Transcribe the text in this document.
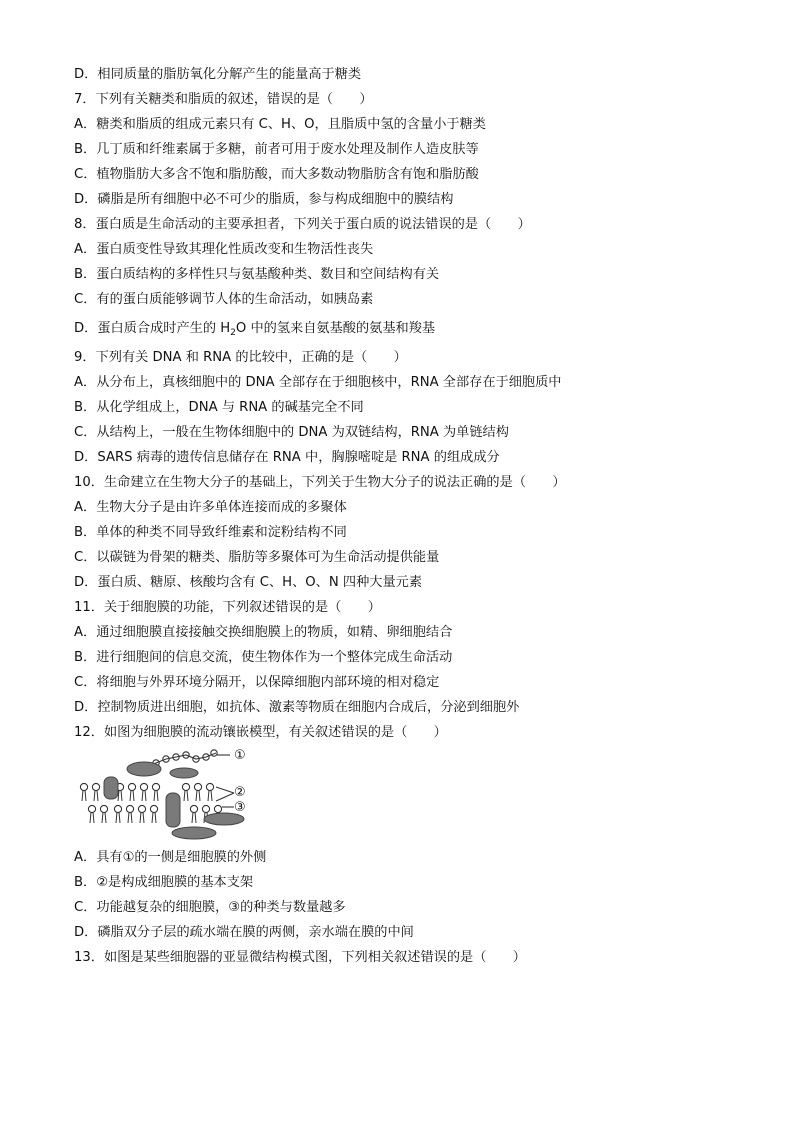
D．相同质量的脂肪氧化分解产生的能量高于糖类
7．下列有关糖类和脂质的叙述，错误的是（　　）
A．糖类和脂质的组成元素只有 C、H、O，且脂质中氢的含量小于糖类
B．几丁质和纤维素属于多糖，前者可用于废水处理及制作人造皮肤等
C．植物脂肪大多含不饱和脂肪酸，而大多数动物脂肪含有饱和脂肪酸
D．磷脂是所有细胞中必不可少的脂质，参与构成细胞中的膜结构
8．蛋白质是生命活动的主要承担者，下列关于蛋白质的说法错误的是（　　）
A．蛋白质变性导致其理化性质改变和生物活性丧失
B．蛋白质结构的多样性只与氨基酸种类、数目和空间结构有关
C．有的蛋白质能够调节人体的生命活动，如胰岛素
D．蛋白质合成时产生的 $H_2O$ 中的氢来自氨基酸的氨基和羧基
9．下列有关 DNA 和 RNA 的比较中，正确的是（　　）
A．从分布上，真核细胞中的 DNA 全部存在于细胞核中，RNA 全部存在于细胞质中
B．从化学组成上，DNA 与 RNA 的碱基完全不同
C．从结构上，一般在生物体细胞中的 DNA 为双链结构，RNA 为单链结构
D．SARS 病毒的遗传信息储存在 RNA 中，胸腺嘧啶是 RNA 的组成成分
10．生命建立在生物大分子的基础上，下列关于生物大分子的说法正确的是（　　）
A．生物大分子是由许多单体连接而成的多聚体
B．单体的种类不同导致纤维素和淀粉结构不同
C．以碳链为骨架的糖类、脂肪等多聚体可为生命活动提供能量
D．蛋白质、糖原、核酸均含有 C、H、O、N 四种大量元素
11．关于细胞膜的功能，下列叙述错误的是（　　）
A．通过细胞膜直接接触交换细胞膜上的物质，如精、卵细胞结合
B．进行细胞间的信息交流，使生物体作为一个整体完成生命活动
C．将细胞与外界环境分隔开，以保障细胞内部环境的相对稳定
D．控制物质进出细胞，如抗体、激素等物质在细胞内合成后，分泌到细胞外
12．如图为细胞膜的流动镶嵌模型，有关叙述错误的是（　　）
①
②
③
A．具有①的一侧是细胞膜的外侧
B．②是构成细胞膜的基本支架
C．功能越复杂的细胞膜，③的种类与数量越多
D．磷脂双分子层的疏水端在膜的两侧，亲水端在膜的中间
13．如图是某些细胞器的亚显微结构模式图，下列相关叙述错误的是（　　）
